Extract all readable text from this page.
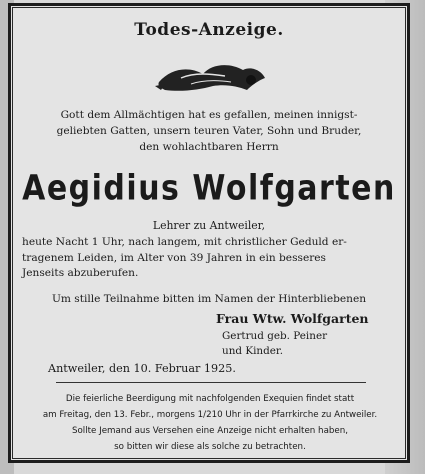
Todes-Anzeige.
Gott dem Allmächtigen hat es gefallen, meinen innigst-
geliebten Gatten, unsern teuren Vater, Sohn und Bruder,
den wohlachtbaren Herrn
Aegidius Wolfgarten
Lehrer zu Antweiler,
heute Nacht 1 Uhr, nach langem, mit christlicher Geduld er-
tragenem Leiden, im Alter von 39 Jahren in ein besseres
Jenseits abzuberufen.
Um stille Teilnahme bitten im Namen der Hinterbliebenen
Frau Wtw. Wolfgarten
Gertrud geb. Peiner
und Kinder.
Antweiler, den 10. Februar 1925.
Die feierliche Beerdigung mit nachfolgenden Exequien findet statt
am Freitag, den 13. Febr., morgens 1/210 Uhr in der Pfarrkirche zu Antweiler.
Sollte Jemand aus Versehen eine Anzeige nicht erhalten haben,
so bitten wir diese als solche zu betrachten.
